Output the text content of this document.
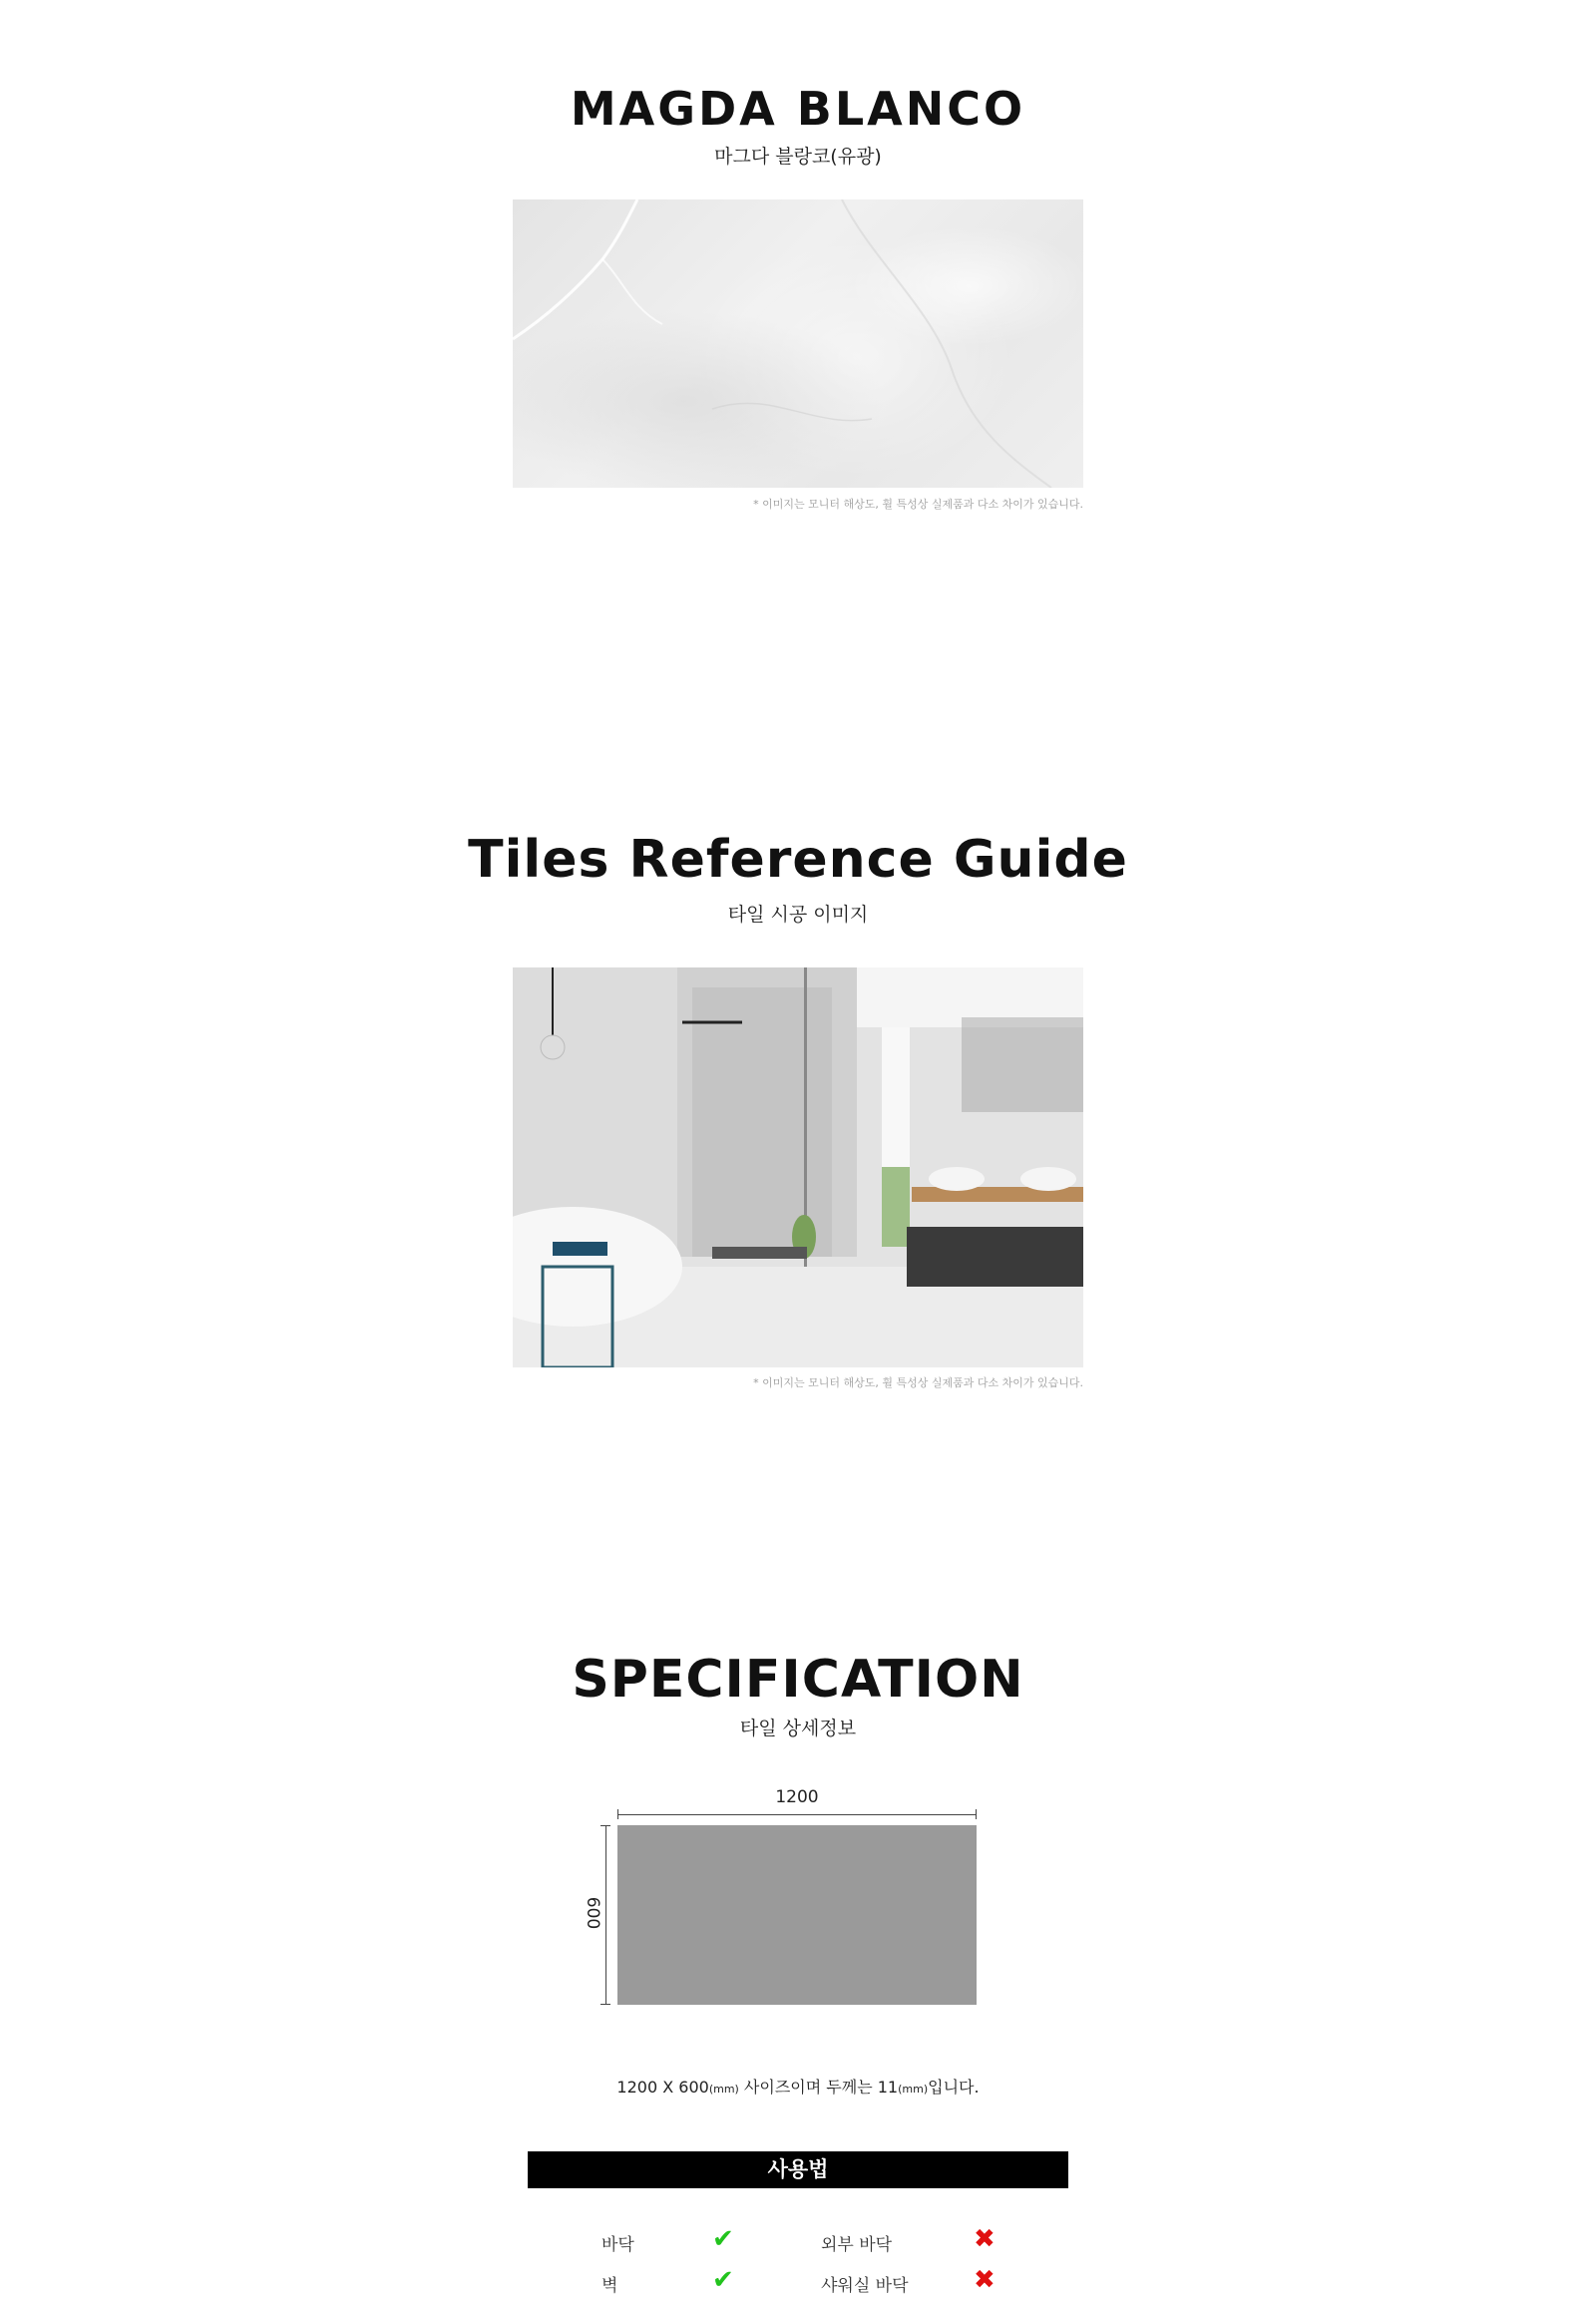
MAGDA BLANCO
마그다 블랑코(유광)
* 이미지는 모니터 해상도, 휠 특성상 실제품과 다소 차이가 있습니다.
Tiles Reference Guide
타일 시공 이미지
* 이미지는 모니터 해상도, 휠 특성상 실제품과 다소 차이가 있습니다.
SPECIFICATION
타일 상세정보
1200
600
1200 X 600(mm) 사이즈이며 두께는 11(mm)입니다.
사용법
바닥	✔	외부 바닥	✖
벽	✔	샤워실 바닥	✖
